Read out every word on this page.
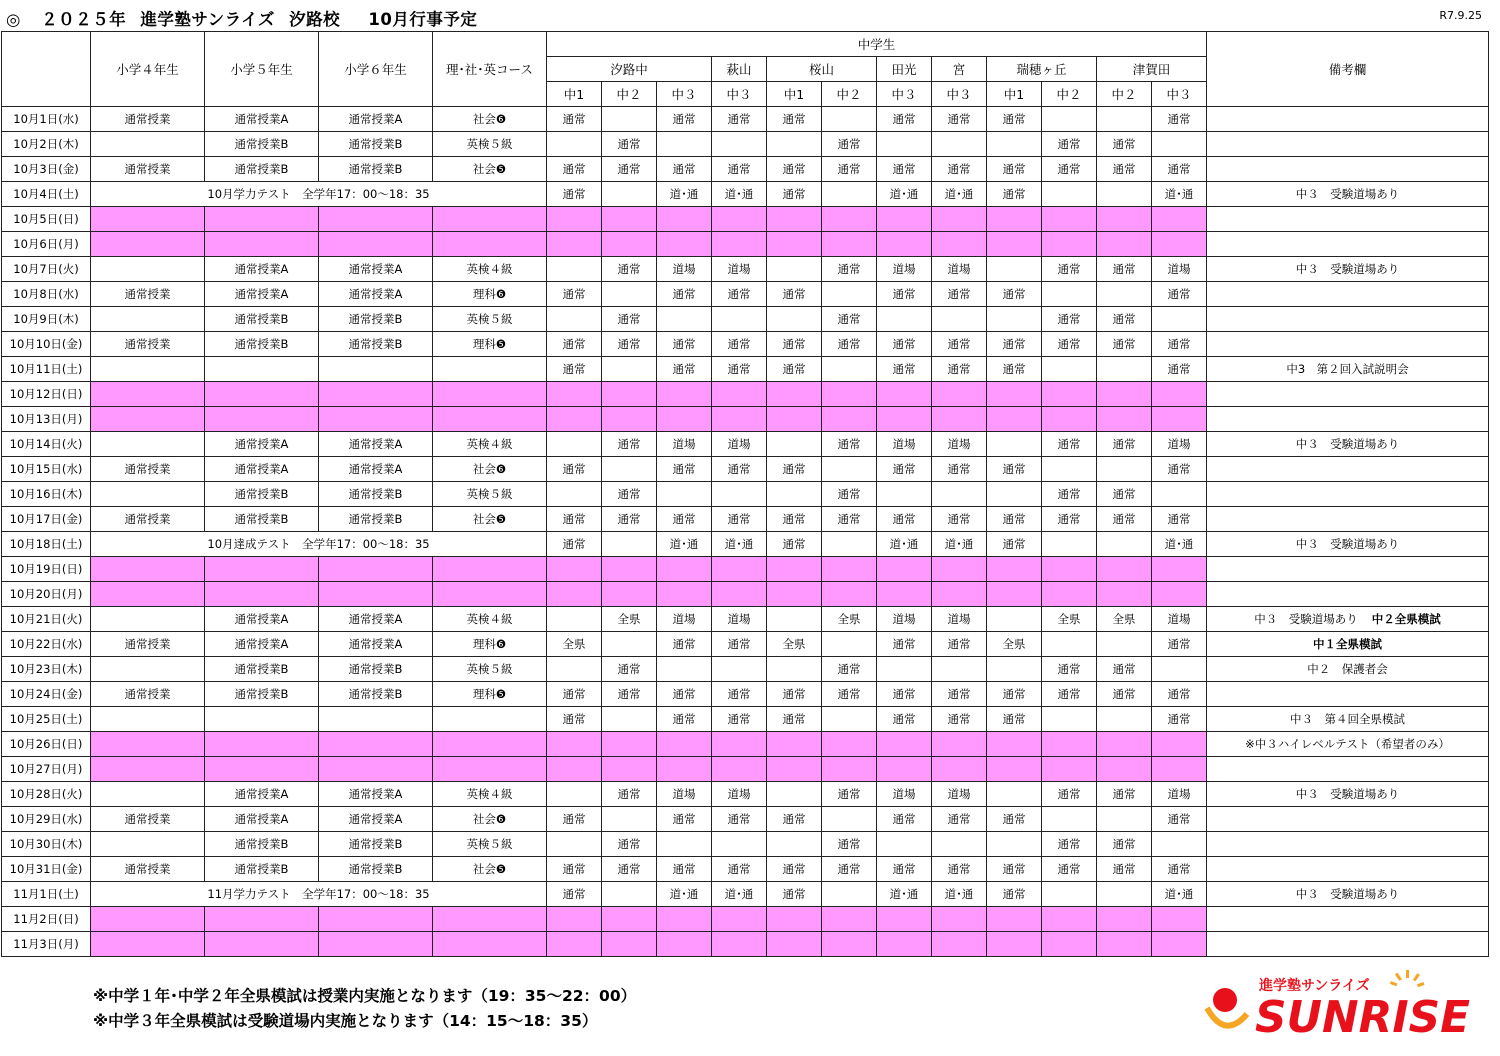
◎ ２０２５年 進学塾サンライズ 汐路校 10月行事予定	R7.9.25
	小学４年生	小学５年生	小学６年生	理･社･英コース	中学生												備考欄
					汐路中			萩山	桜山		田光	宮	瑞穂ヶ丘		津賀田		
					中1	中２	中３	中３	中1	中２	中３	中３	中1	中２	中２	中３	
10月1日(水)	通常授業	通常授業A	通常授業A	社会❻	通常		通常	通常	通常		通常	通常	通常			通常	
10月2日(木)		通常授業B	通常授業B	英検５級		通常				通常				通常	通常		
10月3日(金)	通常授業	通常授業B	通常授業B	社会❺	通常	通常	通常	通常	通常	通常	通常	通常	通常	通常	通常	通常	
10月4日(土)	10月学力テスト　全学年17：00～18：35				通常		道･通	道･通	通常		道･通	道･通	通常			道･通	中３　受験道場あり
10月5日(日)																	
10月6日(月)																	
10月7日(火)		通常授業A	通常授業A	英検４級		通常	道場	道場		通常	道場	道場		通常	通常	道場	中３　受験道場あり
10月8日(水)	通常授業	通常授業A	通常授業A	理科❻	通常		通常	通常	通常		通常	通常	通常			通常	
10月9日(木)		通常授業B	通常授業B	英検５級		通常				通常				通常	通常		
10月10日(金)	通常授業	通常授業B	通常授業B	理科❺	通常	通常	通常	通常	通常	通常	通常	通常	通常	通常	通常	通常	
10月11日(土)					通常		通常	通常	通常		通常	通常	通常			通常	中3　第２回入試説明会
10月12日(日)																	
10月13日(月)																	
10月14日(火)		通常授業A	通常授業A	英検４級		通常	道場	道場		通常	道場	道場		通常	通常	道場	中３　受験道場あり
10月15日(水)	通常授業	通常授業A	通常授業A	社会❻	通常		通常	通常	通常		通常	通常	通常			通常	
10月16日(木)		通常授業B	通常授業B	英検５級		通常				通常				通常	通常		
10月17日(金)	通常授業	通常授業B	通常授業B	社会❺	通常	通常	通常	通常	通常	通常	通常	通常	通常	通常	通常	通常	
10月18日(土)	10月達成テスト　全学年17：00～18：35				通常		道･通	道･通	通常		道･通	道･通	通常			道･通	中３　受験道場あり
10月19日(日)																	
10月20日(月)																	
10月21日(火)		通常授業A	通常授業A	英検４級		全県	道場	道場		全県	道場	道場		全県	全県	道場	中３　受験道場あり 中２全県模試
10月22日(水)	通常授業	通常授業A	通常授業A	理科❻	全県		通常	通常	全県		通常	通常	全県			通常	中１全県模試
10月23日(木)		通常授業B	通常授業B	英検５級		通常				通常				通常	通常		中２　保護者会
10月24日(金)	通常授業	通常授業B	通常授業B	理科❺	通常	通常	通常	通常	通常	通常	通常	通常	通常	通常	通常	通常	
10月25日(土)					通常		通常	通常	通常		通常	通常	通常			通常	中３　第４回全県模試
10月26日(日)																	※中３ハイレベルテスト（希望者のみ）
10月27日(月)																	
10月28日(火)		通常授業A	通常授業A	英検４級		通常	道場	道場		通常	道場	道場		通常	通常	道場	中３　受験道場あり
10月29日(水)	通常授業	通常授業A	通常授業A	社会❻	通常		通常	通常	通常		通常	通常	通常			通常	
10月30日(木)		通常授業B	通常授業B	英検５級		通常				通常				通常	通常		
10月31日(金)	通常授業	通常授業B	通常授業B	社会❺	通常	通常	通常	通常	通常	通常	通常	通常	通常	通常	通常	通常	
11月1日(土)	11月学力テスト　全学年17：00～18：35				通常		道･通	道･通	通常		道･通	道･通	通常			道･通	中３　受験道場あり
11月2日(日)																	
11月3日(月)																	
※中学１年･中学２年全県模試は授業内実施となります（19：35～22：00）
※中学３年全県模試は受験道場内実施となります（14：15～18：35）
進学塾サンライズ
SUNRISE
